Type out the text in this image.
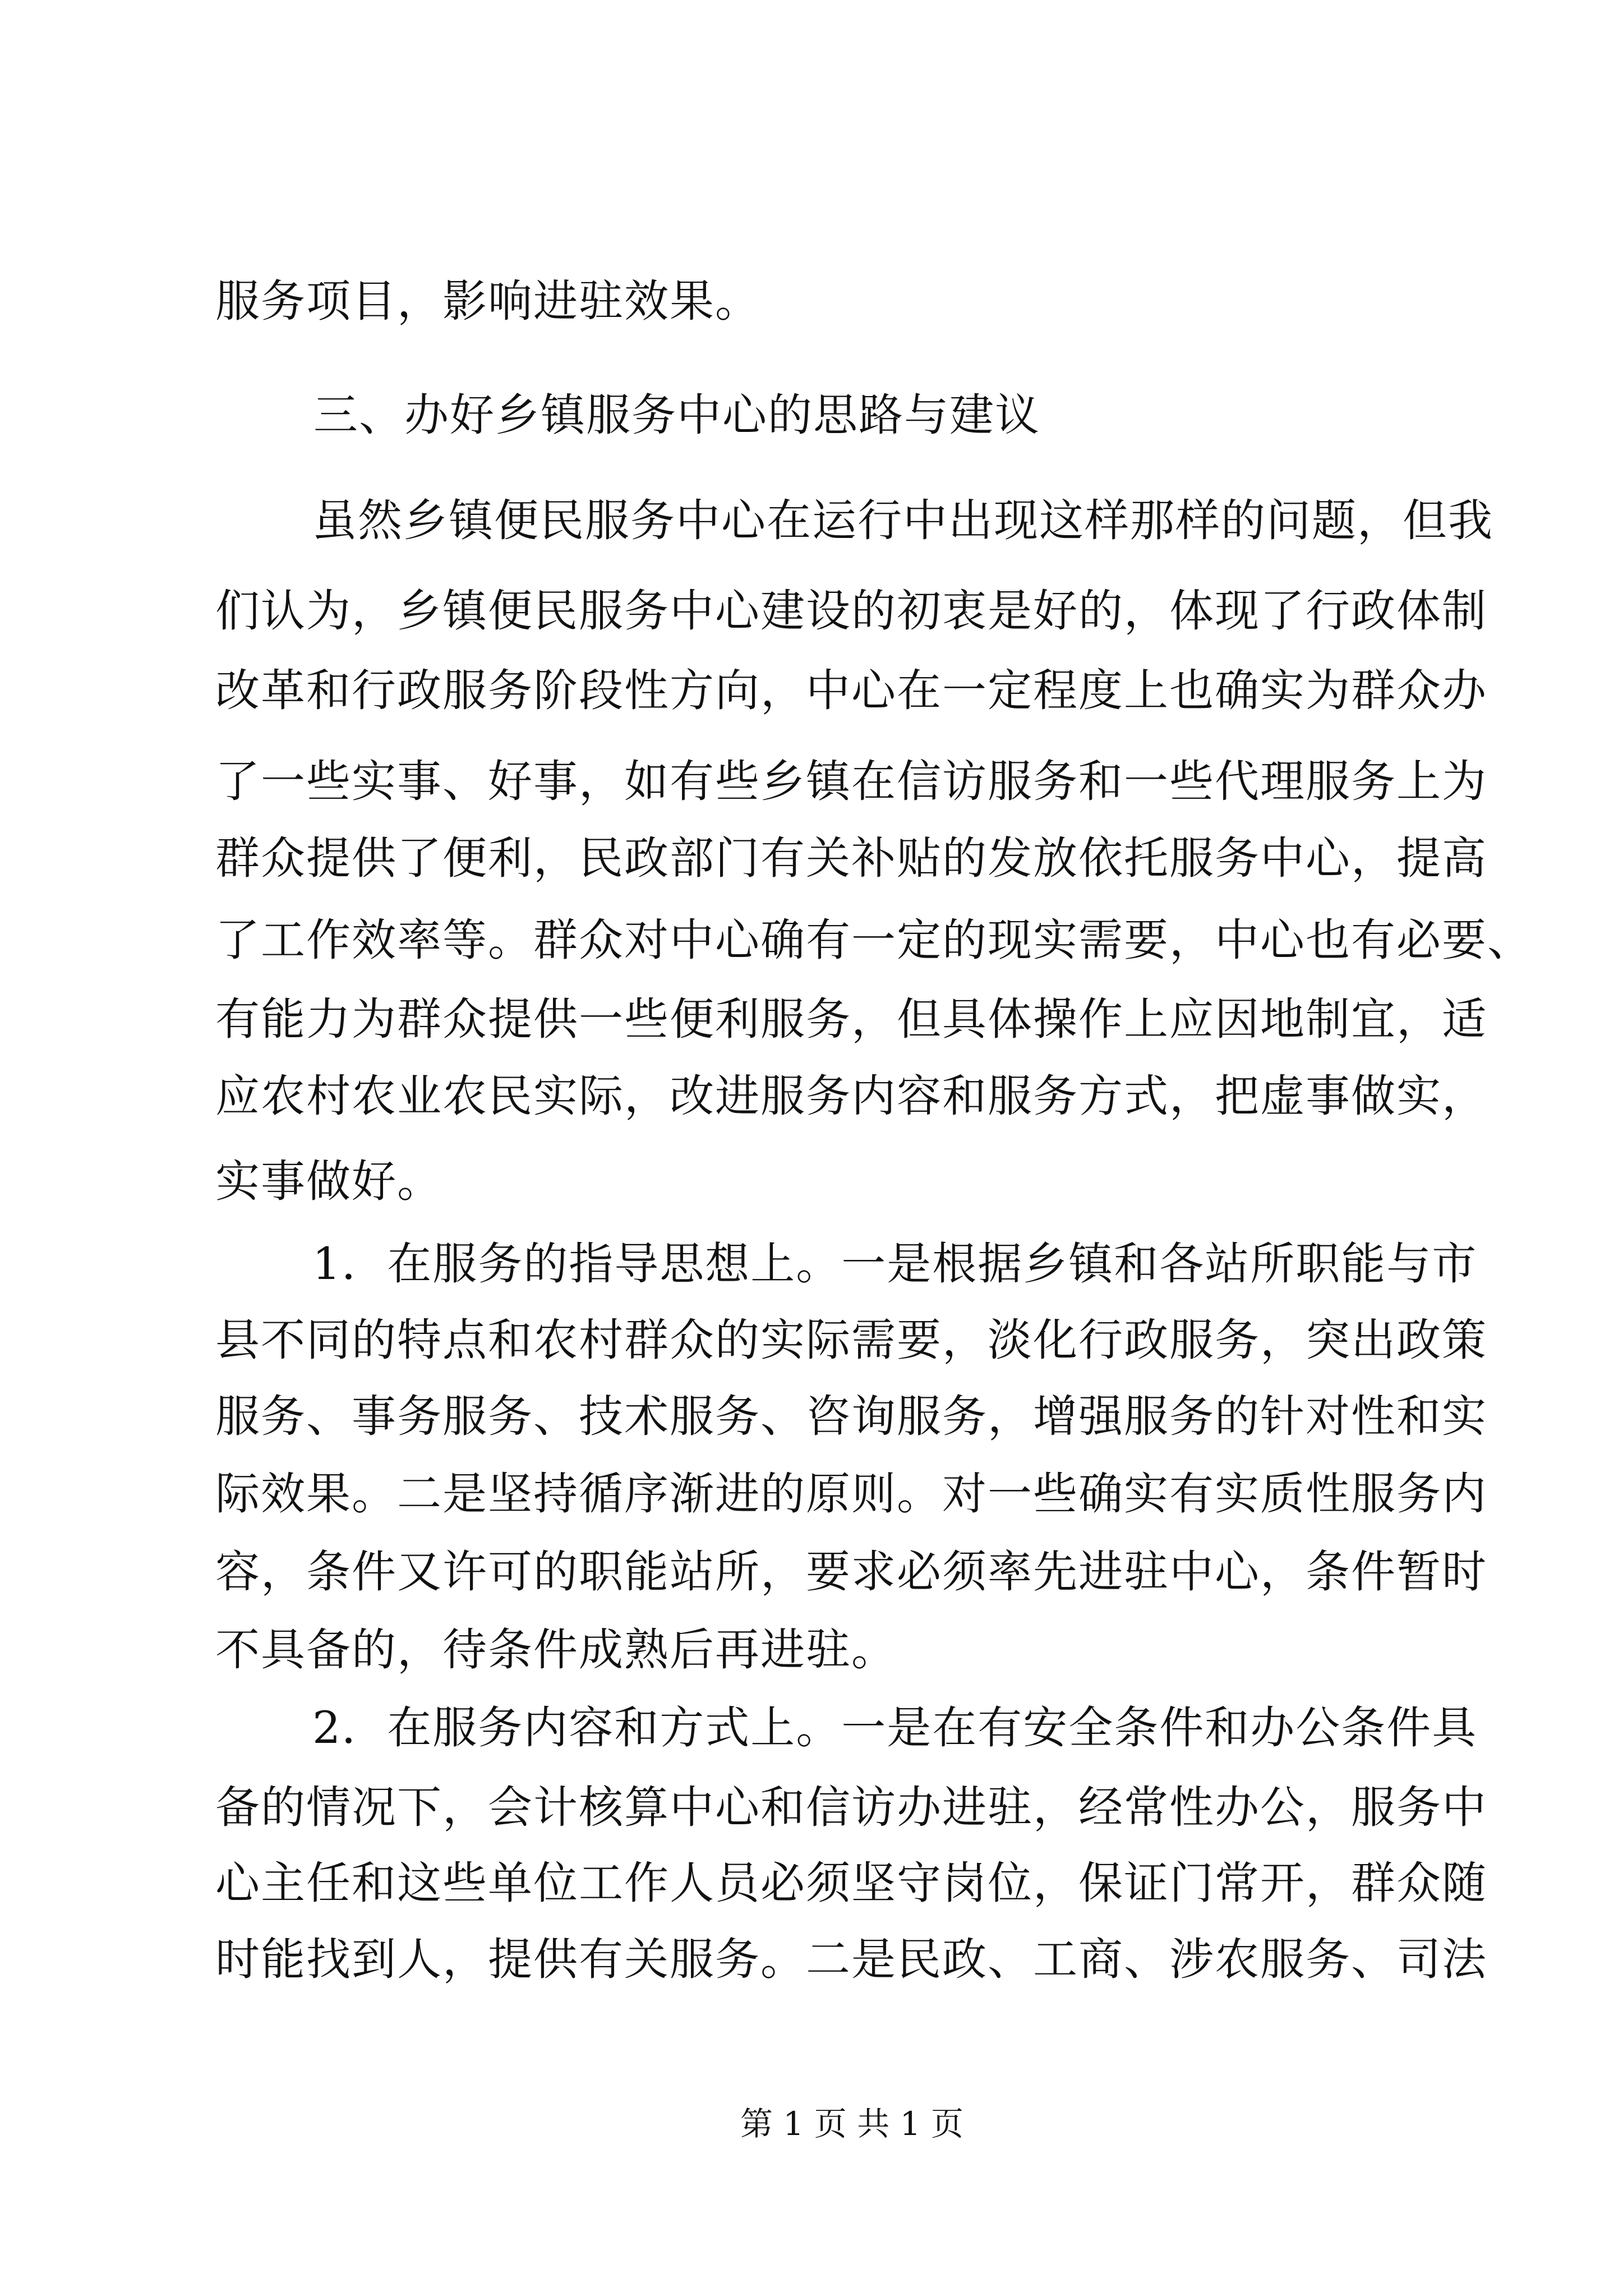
服务项目，影响进驻效果。
三、办好乡镇服务中心的思路与建议
虽然乡镇便民服务中心在运行中出现这样那样的问题，但我
们认为，乡镇便民服务中心建设的初衷是好的，体现了行政体制
改革和行政服务阶段性方向，中心在一定程度上也确实为群众办
了一些实事、好事，如有些乡镇在信访服务和一些代理服务上为
群众提供了便利，民政部门有关补贴的发放依托服务中心，提高
了工作效率等。群众对中心确有一定的现实需要，中心也有必要、
有能力为群众提供一些便利服务，但具体操作上应因地制宜，适
应农村农业农民实际，改进服务内容和服务方式，把虚事做实，
实事做好。
1．在服务的指导思想上。一是根据乡镇和各站所职能与市
县不同的特点和农村群众的实际需要，淡化行政服务，突出政策
服务、事务服务、技术服务、咨询服务，增强服务的针对性和实
际效果。二是坚持循序渐进的原则。对一些确实有实质性服务内
容，条件又许可的职能站所，要求必须率先进驻中心，条件暂时
不具备的，待条件成熟后再进驻。
2．在服务内容和方式上。一是在有安全条件和办公条件具
备的情况下，会计核算中心和信访办进驻，经常性办公，服务中
心主任和这些单位工作人员必须坚守岗位，保证门常开，群众随
时能找到人，提供有关服务。二是民政、工商、涉农服务、司法
第 1 页 共 1 页
